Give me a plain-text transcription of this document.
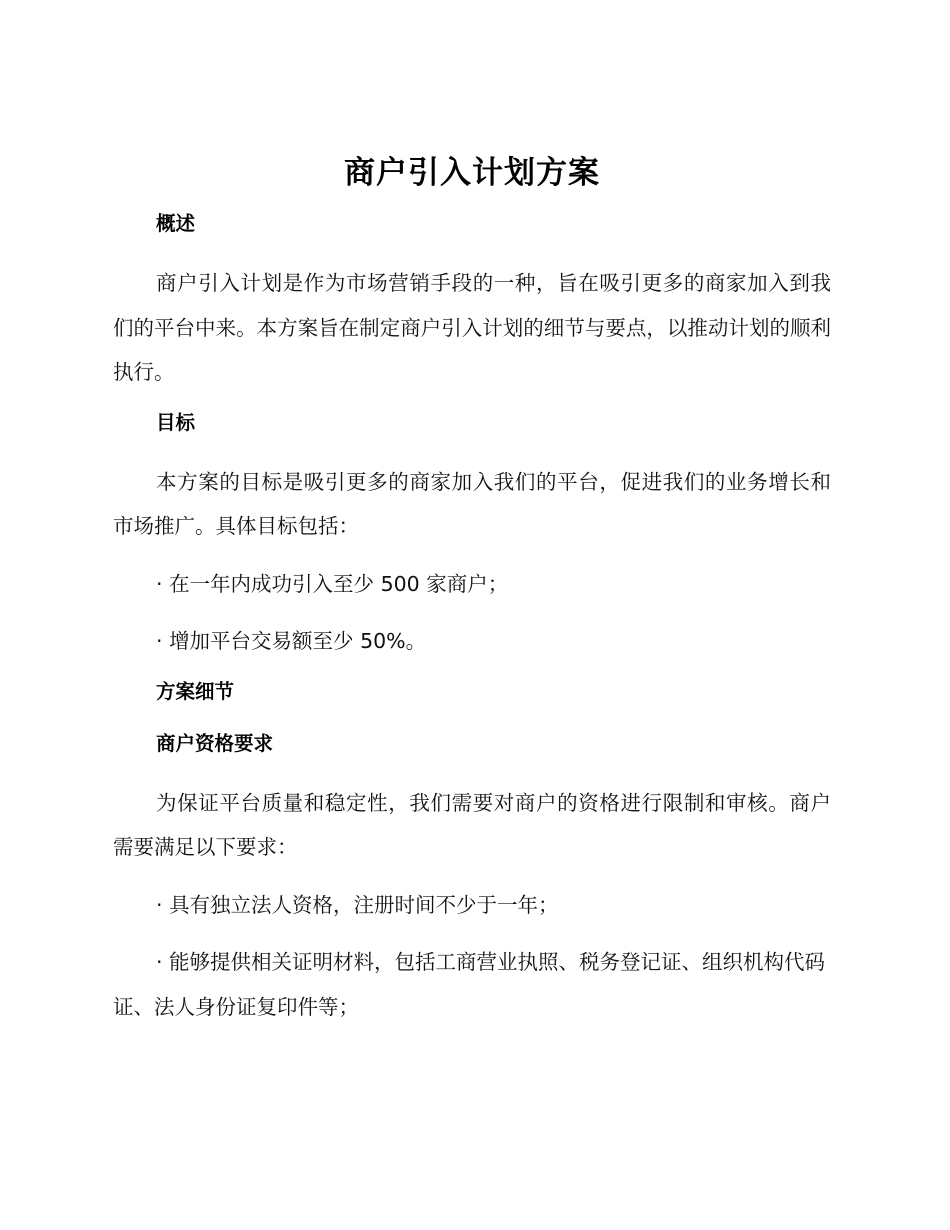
商户引入计划方案
概述

商户引入计划是作为市场营销手段的一种，旨在吸引更多的商家加入到我们的平台中来。本方案旨在制定商户引入计划的细节与要点，以推动计划的顺利执行。

目标

本方案的目标是吸引更多的商家加入我们的平台，促进我们的业务增长和市场推广。具体目标包括：

· 在一年内成功引入至少 500 家商户；

· 增加平台交易额至少 50%。

方案细节
商户资格要求

为保证平台质量和稳定性，我们需要对商户的资格进行限制和审核。商户需要满足以下要求：

· 具有独立法人资格，注册时间不少于一年；

· 能够提供相关证明材料，包括工商营业执照、税务登记证、组织机构代码证、法人身份证复印件等；
